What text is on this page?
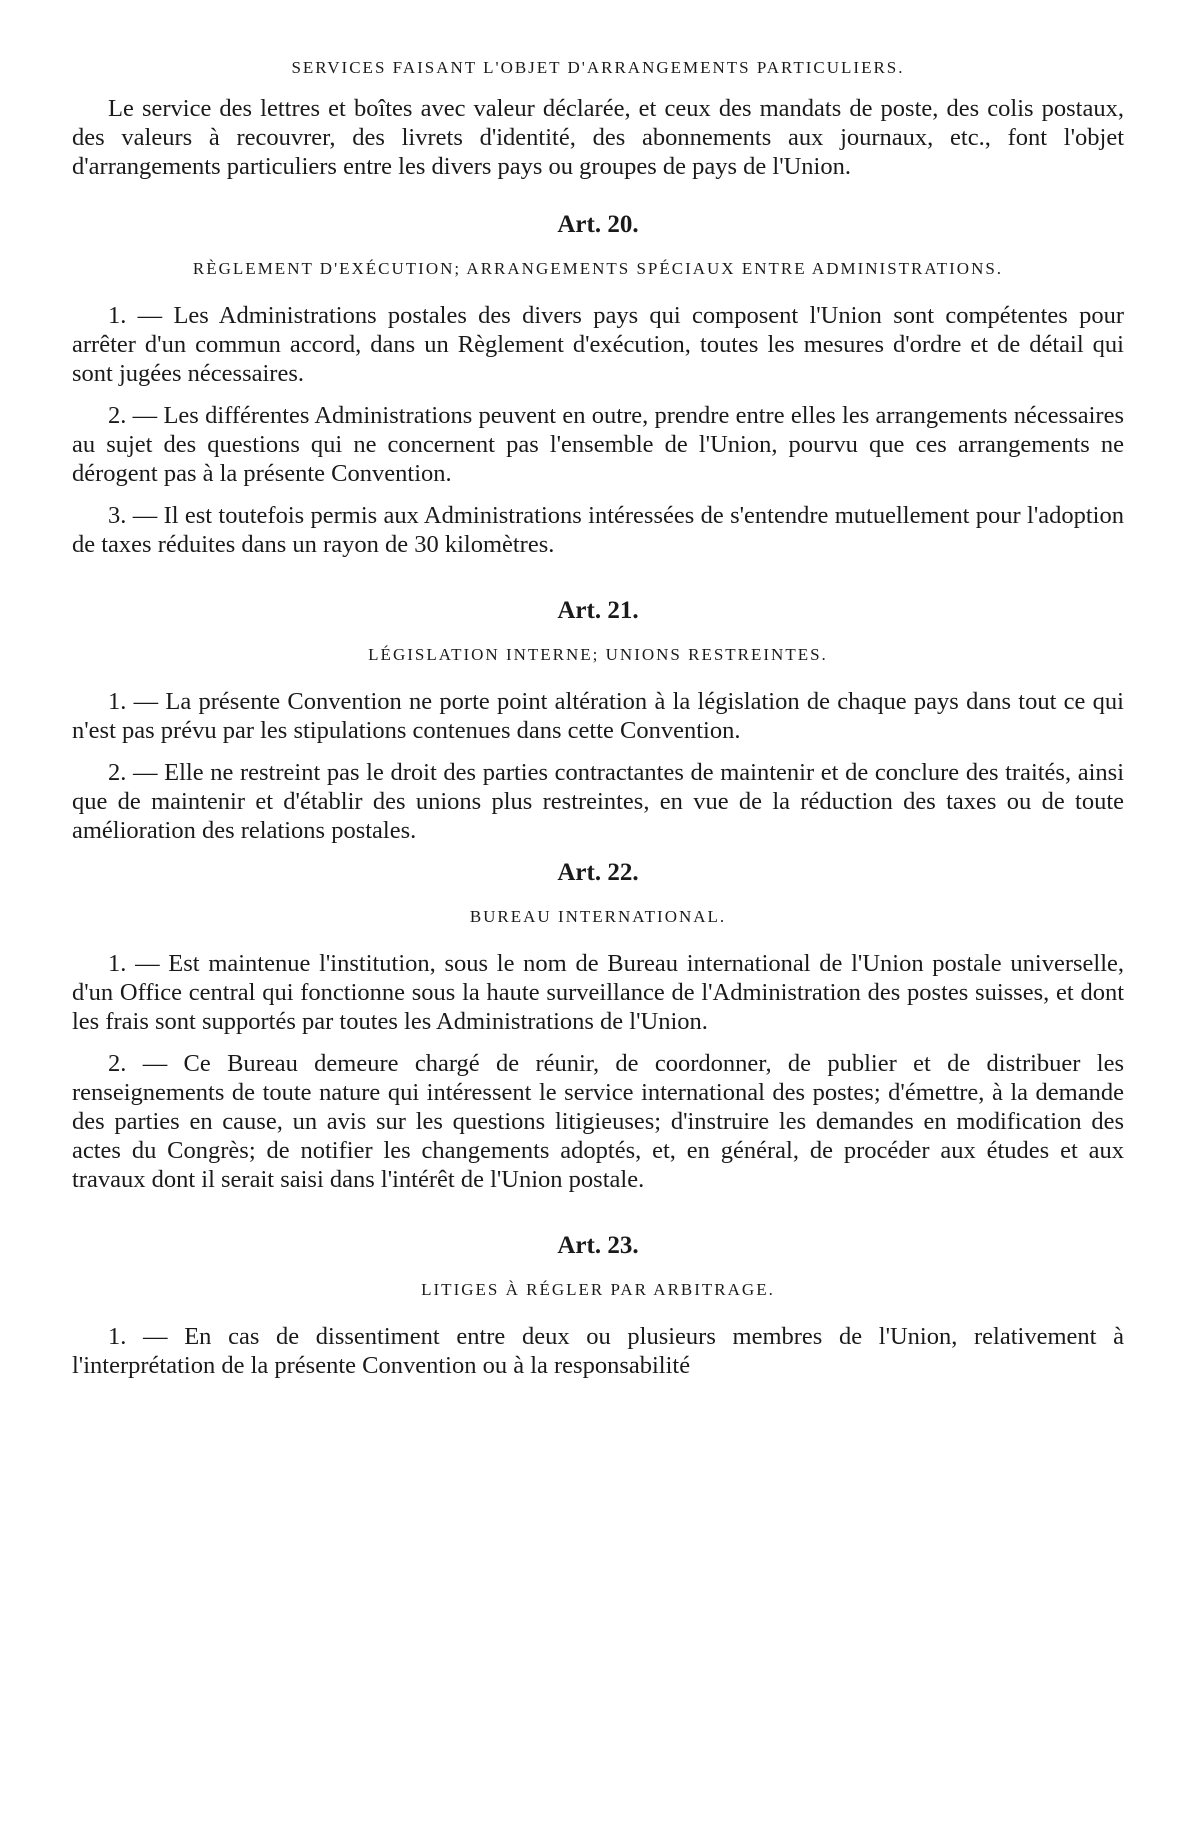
SERVICES FAISANT L'OBJET D'ARRANGEMENTS PARTICULIERS.

Le service des lettres et boîtes avec valeur déclarée, et ceux des mandats de poste, des colis postaux, des valeurs à recouvrer, des livrets d'identité, des abonnements aux journaux, etc., font l'objet d'arrangements particuliers entre les divers pays ou groupes de pays de l'Union.

Art. 20.
RÈGLEMENT D'EXÉCUTION; ARRANGEMENTS SPÉCIAUX ENTRE ADMINISTRATIONS.

1. — Les Administrations postales des divers pays qui composent l'Union sont compétentes pour arrêter d'un commun accord, dans un Règlement d'exécution, toutes les mesures d'ordre et de détail qui sont jugées nécessaires.

2. — Les différentes Administrations peuvent en outre, prendre entre elles les arrangements nécessaires au sujet des questions qui ne concernent pas l'ensemble de l'Union, pourvu que ces arrangements ne dérogent pas à la présente Convention.

3. — Il est toutefois permis aux Administrations intéressées de s'entendre mutuellement pour l'adoption de taxes réduites dans un rayon de 30 kilomètres.

Art. 21.
LÉGISLATION INTERNE; UNIONS RESTREINTES.

1. — La présente Convention ne porte point altération à la législation de chaque pays dans tout ce qui n'est pas prévu par les stipulations contenues dans cette Convention.

2. — Elle ne restreint pas le droit des parties contractantes de maintenir et de conclure des traités, ainsi que de maintenir et d'établir des unions plus restreintes, en vue de la réduction des taxes ou de toute amélioration des relations postales.

Art. 22.
BUREAU INTERNATIONAL.

1. — Est maintenue l'institution, sous le nom de Bureau international de l'Union postale universelle, d'un Office central qui fonctionne sous la haute surveillance de l'Administration des postes suisses, et dont les frais sont supportés par toutes les Administrations de l'Union.

2. — Ce Bureau demeure chargé de réunir, de coordonner, de publier et de distribuer les renseignements de toute nature qui intéressent le service international des postes; d'émettre, à la demande des parties en cause, un avis sur les questions litigieuses; d'instruire les demandes en modification des actes du Congrès; de notifier les changements adoptés, et, en général, de procéder aux études et aux travaux dont il serait saisi dans l'intérêt de l'Union postale.

Art. 23.
LITIGES À RÉGLER PAR ARBITRAGE.

1. — En cas de dissentiment entre deux ou plusieurs membres de l'Union, relativement à l'interprétation de la présente Convention ou à la responsabilité
